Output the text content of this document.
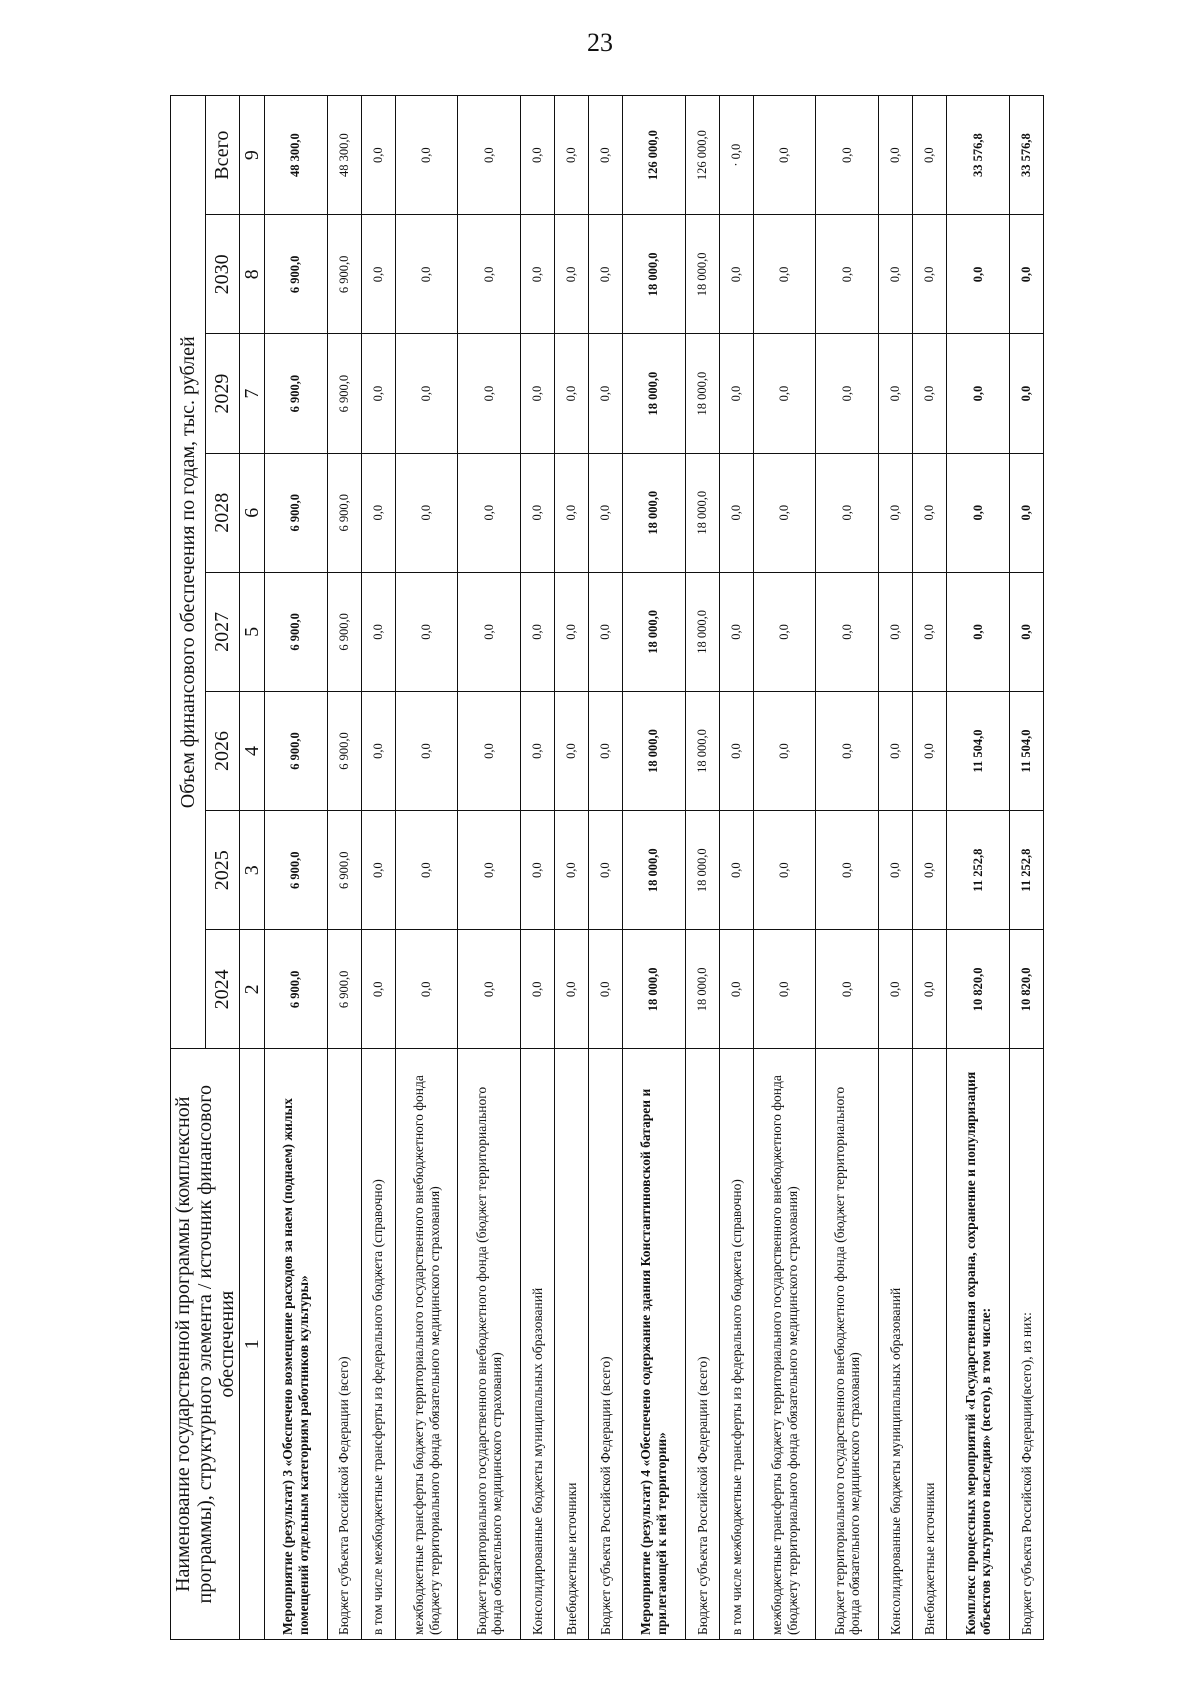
23
Наименование государственной программы (комплексной программы), структурного элемента / источник финансового обеспечения	Объем финансового обеспечения по годам, тыс. рублей							
	2024	2025	2026	2027	2028	2029	2030	Всего
1	2	3	4	5	6	7	8	9
Мероприятие (результат) 3 «Обеспечено возмещение расходов за наем (поднаем) жилых помещений отдельным категориям работников культуры»	6 900,0	6 900,0	6 900,0	6 900,0	6 900,0	6 900,0	6 900,0	48 300,0
Бюджет субъекта Российской Федерации (всего)	6 900,0	6 900,0	6 900,0	6 900,0	6 900,0	6 900,0	6 900,0	48 300,0
в том числе межбюджетные трансферты из федерального бюджета (справочно)	0,0	0,0	0,0	0,0	0,0	0,0	0,0	0,0
межбюджетные трансферты бюджету территориального государственного внебюджетного фонда (бюджету территориального фонда обязательного медицинского страхования)	0,0	0,0	0,0	0,0	0,0	0,0	0,0	0,0
Бюджет территориального государственного внебюджетного фонда (бюджет территориального фонда обязательного медицинского страхования)	0,0	0,0	0,0	0,0	0,0	0,0	0,0	0,0
Консолидированные бюджеты муниципальных образований	0,0	0,0	0,0	0,0	0,0	0,0	0,0	0,0
Внебюджетные источники	0,0	0,0	0,0	0,0	0,0	0,0	0,0	0,0
Бюджет субъекта Российской Федерации (всего)	0,0	0,0	0,0	0,0	0,0	0,0	0,0	0,0
Мероприятие (результат) 4 «Обеспечено содержание здания Константиновской батареи и прилегающей к ней территории»	18 000,0	18 000,0	18 000,0	18 000,0	18 000,0	18 000,0	18 000,0	126 000,0
Бюджет субъекта Российской Федерации (всего)	18 000,0	18 000,0	18 000,0	18 000,0	18 000,0	18 000,0	18 000,0	126 000,0
в том числе межбюджетные трансферты из федерального бюджета (справочно)	0,0	0,0	0,0	0,0	0,0	0,0	0,0	· 0,0
межбюджетные трансферты бюджету территориального государственного внебюджетного фонда (бюджету территориального фонда обязательного медицинского страхования)	0,0	0,0	0,0	0,0	0,0	0,0	0,0	0,0
Бюджет территориального государственного внебюджетного фонда (бюджет территориального фонда обязательного медицинского страхования)	0,0	0,0	0,0	0,0	0,0	0,0	0,0	0,0
Консолидированные бюджеты муниципальных образований	0,0	0,0	0,0	0,0	0,0	0,0	0,0	0,0
Внебюджетные источники	0,0	0,0	0,0	0,0	0,0	0,0	0,0	0,0
Комплекс процессных мероприятий «Государственная охрана, сохранение и популяризация объектов культурного наследия» (всего), в том числе:	10 820,0	11 252,8	11 504,0	0,0	0,0	0,0	0,0	33 576,8
Бюджет субъекта Российской Федерации(всего), из них:	10 820,0	11 252,8	11 504,0	0,0	0,0	0,0	0,0	33 576,8
